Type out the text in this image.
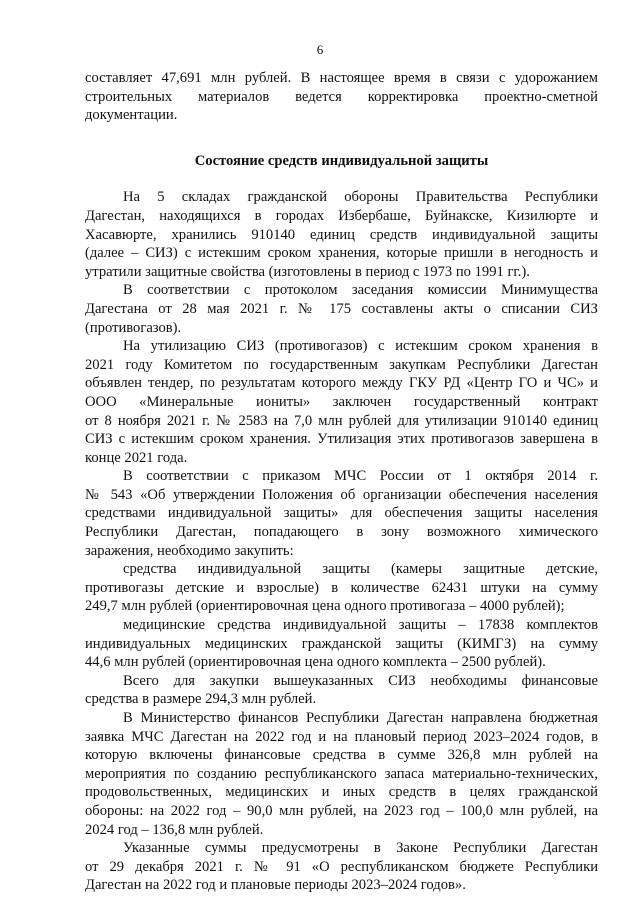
6
составляет 47,691 млн рублей. В настоящее время в связи с удорожанием
строительных материалов ведется корректировка проектно-сметной
документации.
Состояние средств индивидуальной защиты
На 5 складах гражданской обороны Правительства Республики
Дагестан, находящихся в городах Избербаше, Буйнакске, Кизилюрте и
Хасавюрте, хранились 910140 единиц средств индивидуальной защиты
(далее – СИЗ) с истекшим сроком хранения, которые пришли в негодность и
утратили защитные свойства (изготовлены в период с 1973 по 1991 гг.).
В соответствии с протоколом заседания комиссии Минимущества
Дагестана от 28 мая 2021 г. № 175 составлены акты о списании СИЗ
(противогазов).
На утилизацию СИЗ (противогазов) с истекшим сроком хранения в
2021 году Комитетом по государственным закупкам Республики Дагестан
объявлен тендер, по результатам которого между ГКУ РД «Центр ГО и ЧС» и
ООО «Минеральные иониты» заключен государственный контракт
от 8 ноября 2021 г. № 2583 на 7,0 млн рублей для утилизации 910140 единиц
СИЗ с истекшим сроком хранения. Утилизация этих противогазов завершена в
конце 2021 года.
В соответствии с приказом МЧС России от 1 октября 2014 г.
№ 543 «Об утверждении Положения об организации обеспечения населения
средствами индивидуальной защиты» для обеспечения защиты населения
Республики Дагестан, попадающего в зону возможного химического
заражения, необходимо закупить:
средства индивидуальной защиты (камеры защитные детские,
противогазы детские и взрослые) в количестве 62431 штуки на сумму
249,7 млн рублей (ориентировочная цена одного противогаза – 4000 рублей);
медицинские средства индивидуальной защиты – 17838 комплектов
индивидуальных медицинских гражданской защиты (КИМГЗ) на сумму
44,6 млн рублей (ориентировочная цена одного комплекта – 2500 рублей).
Всего для закупки вышеуказанных СИЗ необходимы финансовые
средства в размере 294,3 млн рублей.
В Министерство финансов Республики Дагестан направлена бюджетная
заявка МЧС Дагестан на 2022 год и на плановый период 2023–2024 годов, в
которую включены финансовые средства в сумме 326,8 млн рублей на
мероприятия по созданию республиканского запаса материально-технических,
продовольственных, медицинских и иных средств в целях гражданской
обороны: на 2022 год – 90,0 млн рублей, на 2023 год – 100,0 млн рублей, на
2024 год – 136,8 млн рублей.
Указанные суммы предусмотрены в Законе Республики Дагестан
от 29 декабря 2021 г. № 91 «О республиканском бюджете Республики
Дагестан на 2022 год и плановые периоды 2023–2024 годов».
